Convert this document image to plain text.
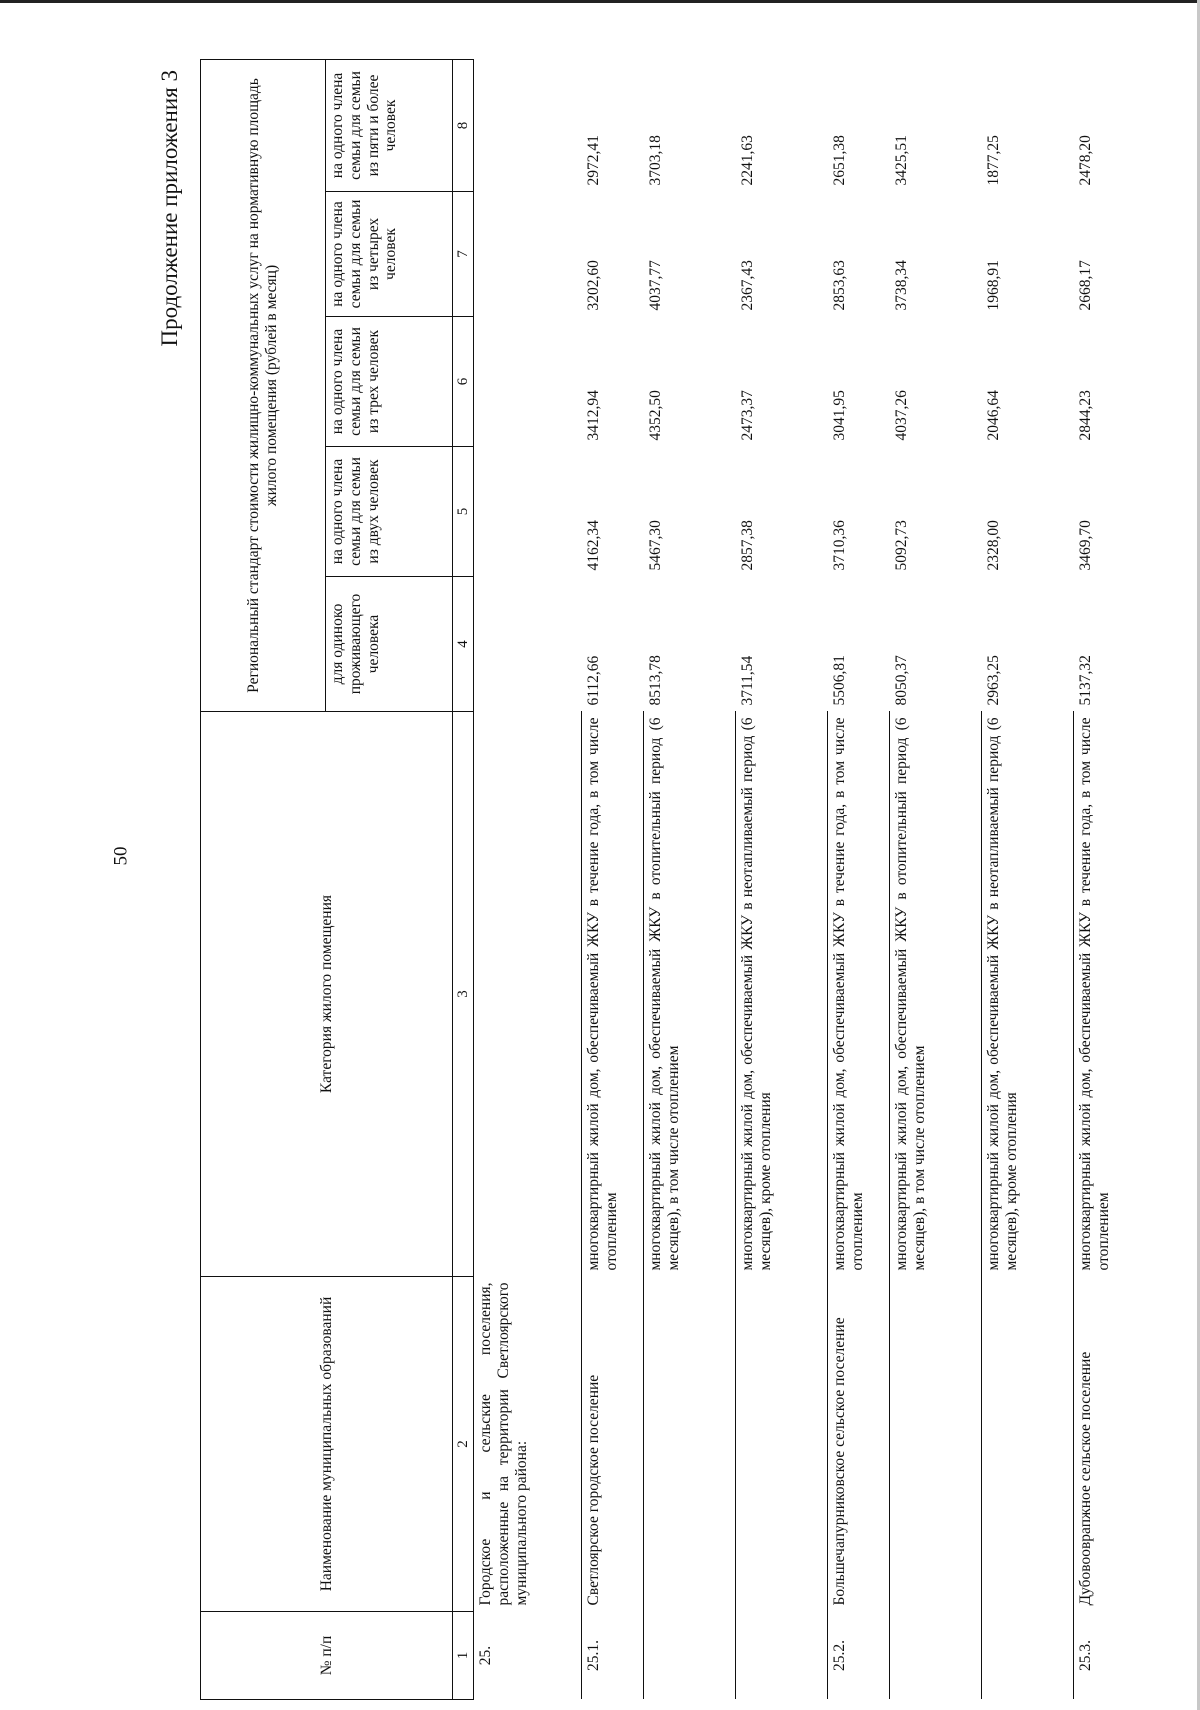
50
Продолжение приложения 3
№ п/п	Наименование муниципальных образований	Категория жилого помещения	Региональный стандарт стоимости жилищно-коммунальных услуг на нормативную площадь жилого помещения (рублей в месяц)				
			для одиноко проживающего человека	на одного члена семьи для семьи из двух человек	на одного члена семьи для семьи из трех человек	на одного члена семьи для семьи из четырех человек	на одного члена семьи для семьи из пяти и более человек
1	2	3	4	5	6	7	8
25.	Городское и сельские поселения, расположенные на территории Светлоярского муниципального района:						
25.1.	Светлоярское городское поселение	многоквартирный жилой дом, обеспечиваемый ЖКУ в течение года, в том числе отоплением	6112,66	4162,34	3412,94	3202,60	2972,41
		многоквартирный жилой дом, обеспечиваемый ЖКУ в отопительный период (6 месяцев), в том числе отоплением	8513,78	5467,30	4352,50	4037,77	3703,18
		многоквартирный жилой дом, обеспечиваемый ЖКУ в неотапливаемый период (6 месяцев), кроме отопления	3711,54	2857,38	2473,37	2367,43	2241,63
25.2.	Большечапурниковское сельское поселение	многоквартирный жилой дом, обеспечиваемый ЖКУ в течение года, в том числе отоплением	5506,81	3710,36	3041,95	2853,63	2651,38
		многоквартирный жилой дом, обеспечиваемый ЖКУ в отопительный период (6 месяцев), в том числе отоплением	8050,37	5092,73	4037,26	3738,34	3425,51
		многоквартирный жилой дом, обеспечиваемый ЖКУ в неотапливаемый период (6 месяцев), кроме отопления	2963,25	2328,00	2046,64	1968,91	1877,25
25.3.	Дубовооврапжное сельское поселение	многоквартирный жилой дом, обеспечиваемый ЖКУ в течение года, в том числе отоплением	5137,32	3469,70	2844,23	2668,17	2478,20
